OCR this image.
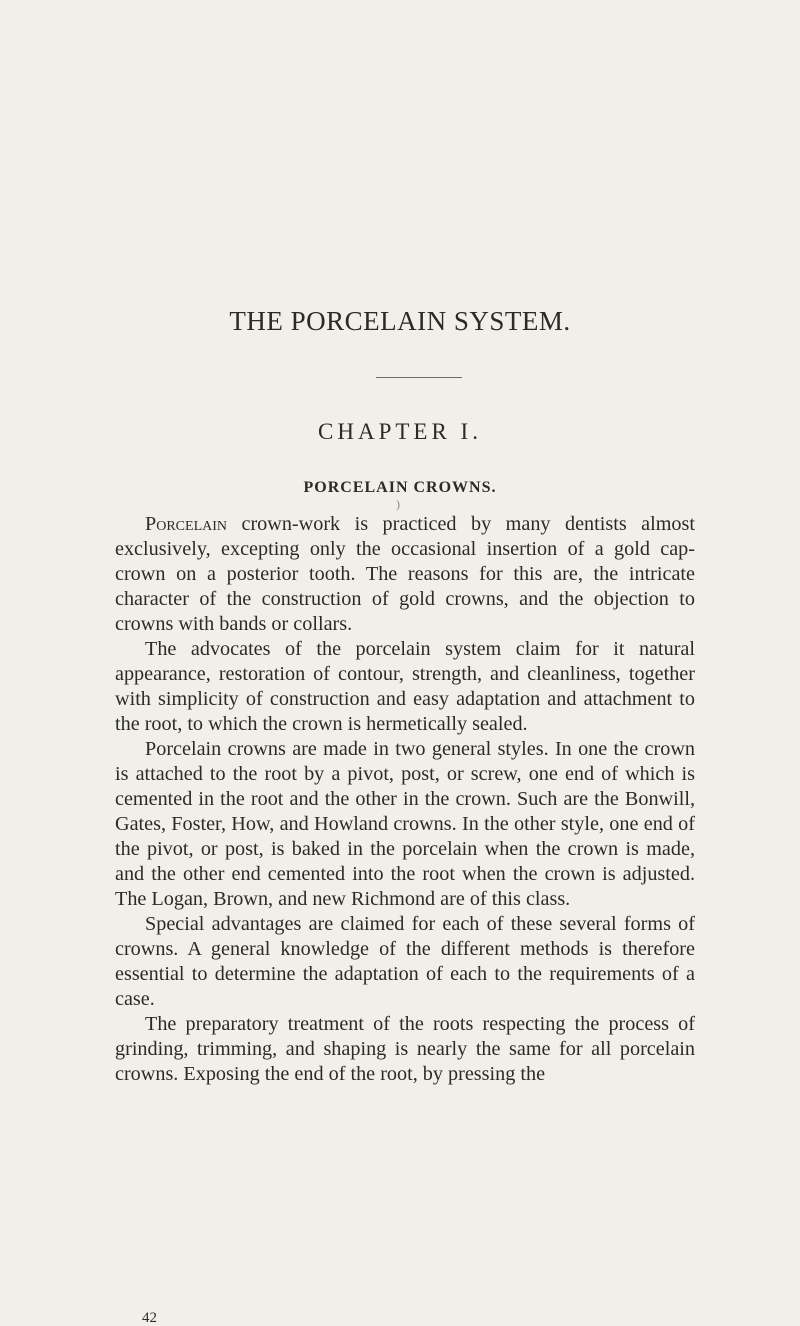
THE PORCELAIN SYSTEM.
CHAPTER I.
PORCELAIN CROWNS.
)

Porcelain crown-work is practiced by many dentists almost exclusively, excepting only the occasional insertion of a gold cap-crown on a posterior tooth. The reasons for this are, the intricate character of the construction of gold crowns, and the objection to crowns with bands or collars.

The advocates of the porcelain system claim for it natural appearance, restoration of contour, strength, and cleanliness, together with simplicity of construction and easy adaptation and attachment to the root, to which the crown is hermetically sealed.

Porcelain crowns are made in two general styles. In one the crown is attached to the root by a pivot, post, or screw, one end of which is cemented in the root and the other in the crown. Such are the Bonwill, Gates, Foster, How, and Howland crowns. In the other style, one end of the pivot, or post, is baked in the porcelain when the crown is made, and the other end cemented into the root when the crown is adjusted. The Logan, Brown, and new Richmond are of this class.

Special advantages are claimed for each of these several forms of crowns. A general knowledge of the different methods is therefore essential to determine the adaptation of each to the requirements of a case.

The preparatory treatment of the roots respecting the process of grinding, trimming, and shaping is nearly the same for all porcelain crowns. Exposing the end of the root, by pressing the

42
